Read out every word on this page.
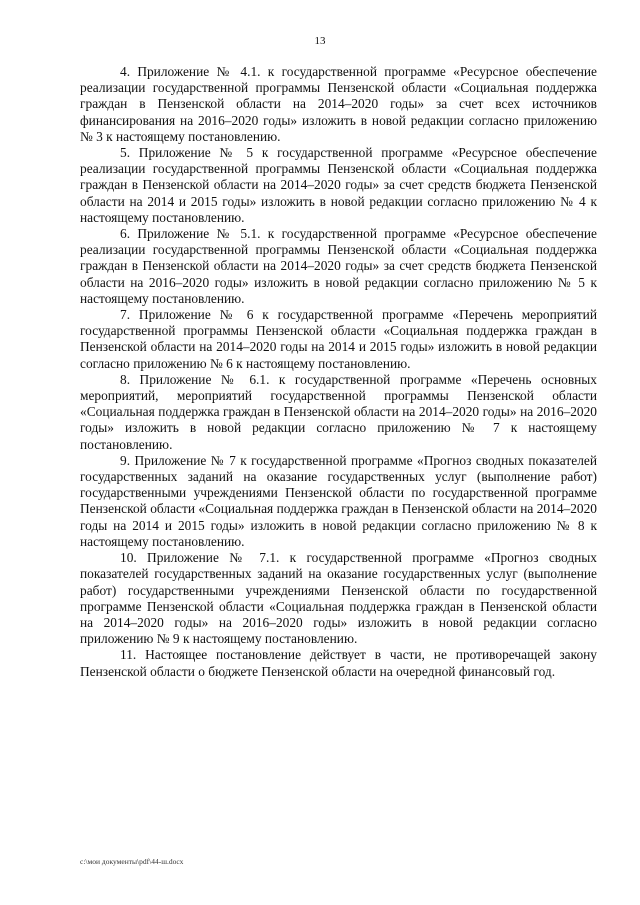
13

4. Приложение № 4.1. к государственной программе «Ресурсное обеспечение реализации государственной программы Пензенской области «Социальная поддержка граждан в Пензенской области на 2014–2020 годы» за счет всех источников финансирования на 2016–2020 годы» изложить в новой редакции согласно приложению № 3 к настоящему постановлению.

5. Приложение № 5 к государственной программе «Ресурсное обеспечение реализации государственной программы Пензенской области «Социальная поддержка граждан в Пензенской области на 2014–2020 годы» за счет средств бюджета Пензенской области на 2014 и 2015 годы» изложить в новой редакции согласно приложению № 4 к настоящему постановлению.

6. Приложение № 5.1. к государственной программе «Ресурсное обеспечение реализации государственной программы Пензенской области «Социальная поддержка граждан в Пензенской области на 2014–2020 годы» за счет средств бюджета Пензенской области на 2016–2020 годы» изложить в новой редакции согласно приложению № 5 к настоящему постановлению.

7. Приложение № 6 к государственной программе «Перечень мероприятий государственной программы Пензенской области «Социальная поддержка граждан в Пензенской области на 2014–2020 годы на 2014 и 2015 годы» изложить в новой редакции согласно приложению № 6 к настоящему постановлению.

8. Приложение № 6.1. к государственной программе «Перечень основных мероприятий, мероприятий государственной программы Пензенской области «Социальная поддержка граждан в Пензенской области на 2014–2020 годы» на 2016–2020 годы» изложить в новой редакции согласно приложению № 7 к настоящему постановлению.

9. Приложение № 7 к государственной программе «Прогноз сводных показателей государственных заданий на оказание государственных услуг (выполнение работ) государственными учреждениями Пензенской области по государственной программе Пензенской области «Социальная поддержка граждан в Пензенской области на 2014–2020 годы на 2014 и 2015 годы» изложить в новой редакции согласно приложению № 8 к настоящему постановлению.

10. Приложение № 7.1. к государственной программе «Прогноз сводных показателей государственных заданий на оказание государственных услуг (выполнение работ) государственными учреждениями Пензенской области по государственной программе Пензенской области «Социальная поддержка граждан в Пензенской области на 2014–2020 годы» на 2016–2020 годы» изложить в новой редакции согласно приложению № 9 к настоящему постановлению.

11. Настоящее постановление действует в части, не противоречащей закону Пензенской области о бюджете Пензенской области на очередной финансовый год.

c:\мои документы\pdf\44-ш.docx
